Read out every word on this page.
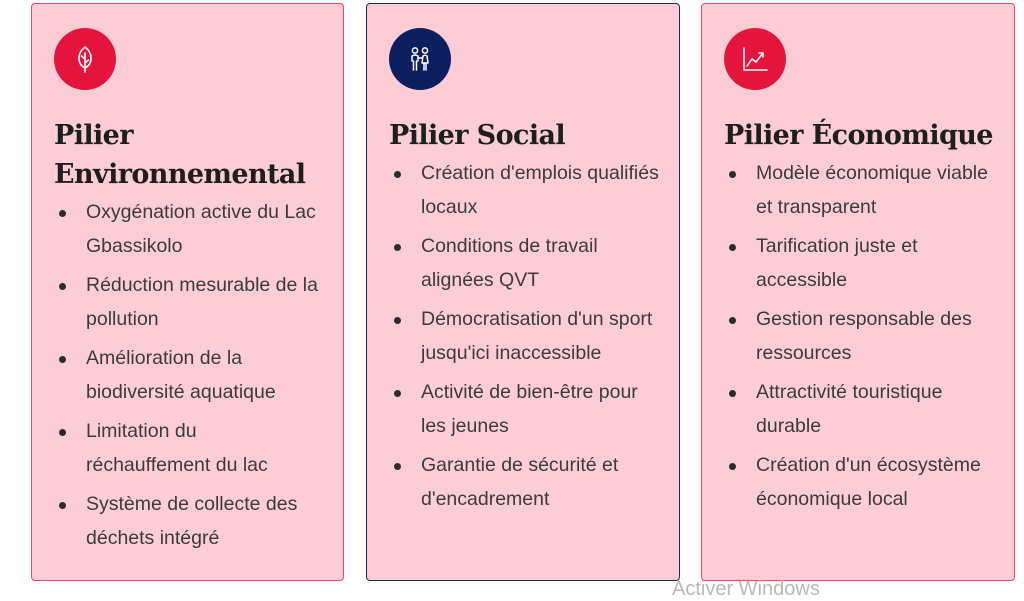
Pilier Environnemental
Oxygénation active du Lac Gbassikolo
Réduction mesurable de la pollution
Amélioration de la biodiversité aquatique
Limitation du réchauffement du lac
Système de collecte des déchets intégré
Pilier Social
Création d'emplois qualifiés locaux
Conditions de travail alignées QVT
Démocratisation d'un sport jusqu'ici inaccessible
Activité de bien-être pour les jeunes
Garantie de sécurité et d'encadrement
Pilier Économique
Modèle économique viable et transparent
Tarification juste et accessible
Gestion responsable des ressources
Attractivité touristique durable
Création d'un écosystème économique local
Activer Windows
